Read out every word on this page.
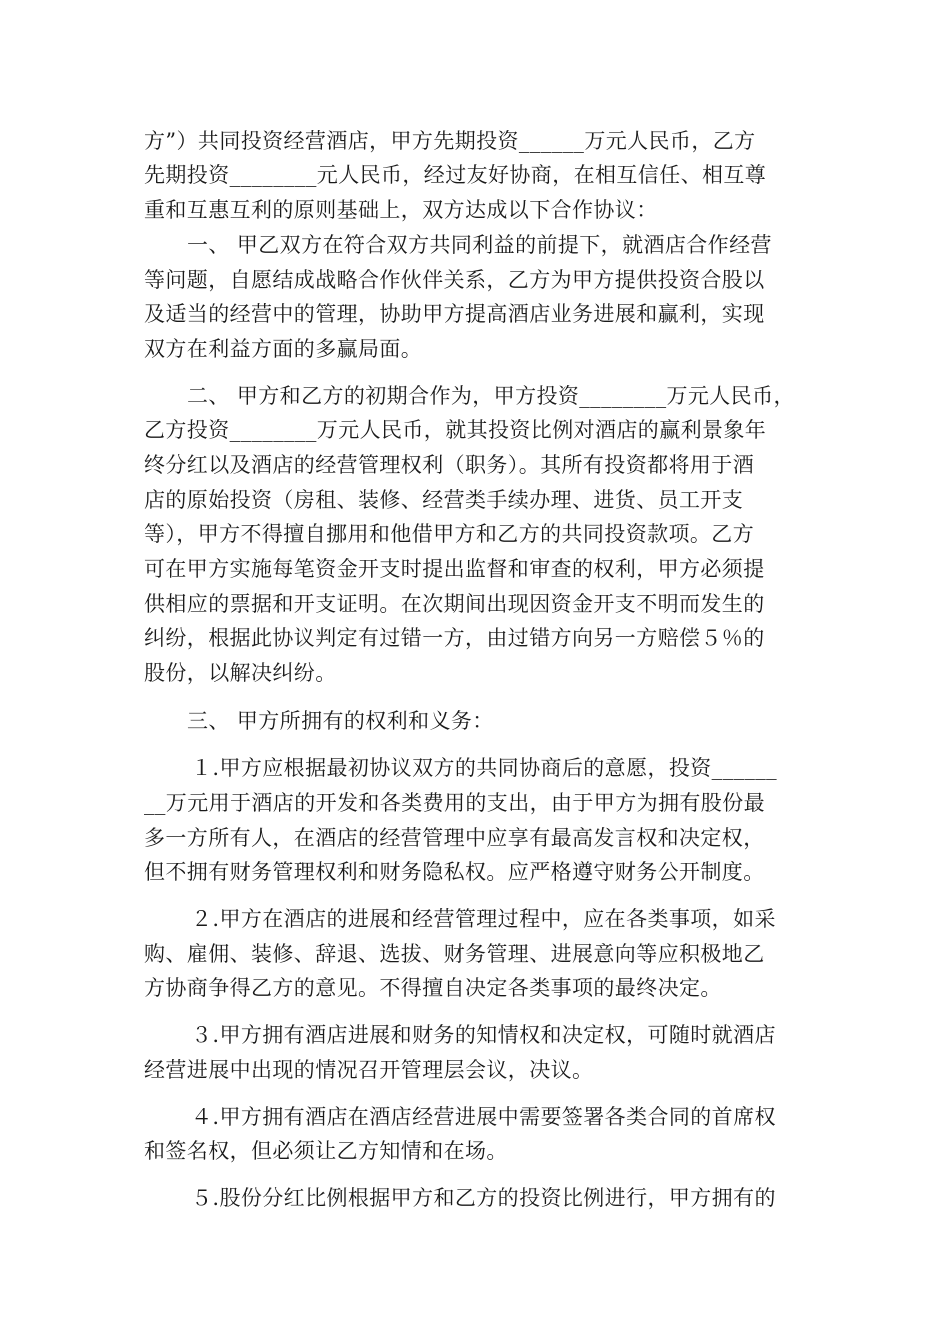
方”）共同投资经营酒店，甲方先期投资______万元人民币，乙方
先期投资________元人民币，经过友好协商，在相互信任、相互尊
重和互惠互利的原则基础上，双方达成以下合作协议：
一、 甲乙双方在符合双方共同利益的前提下，就酒店合作经营
等问题，自愿结成战略合作伙伴关系，乙方为甲方提供投资合股以
及适当的经营中的管理，协助甲方提高酒店业务进展和赢利，实现
双方在利益方面的多赢局面。
二、 甲方和乙方的初期合作为，甲方投资________万元人民币，
乙方投资________万元人民币，就其投资比例对酒店的赢利景象年
终分红以及酒店的经营管理权利（职务）。其所有投资都将用于酒
店的原始投资（房租、装修、经营类手续办理、进货、员工开支
等），甲方不得擅自挪用和他借甲方和乙方的共同投资款项。乙方
可在甲方实施每笔资金开支时提出监督和审查的权利，甲方必须提
供相应的票据和开支证明。在次期间出现因资金开支不明而发生的
纠纷，根据此协议判定有过错一方，由过错方向另一方赔偿５％的
股份，以解决纠纷。
三、 甲方所拥有的权利和义务：
１.甲方应根据最初协议双方的共同协商后的意愿，投资______
__万元用于酒店的开发和各类费用的支出，由于甲方为拥有股份最
多一方所有人，在酒店的经营管理中应享有最高发言权和决定权，
但不拥有财务管理权利和财务隐私权。应严格遵守财务公开制度。
２.甲方在酒店的进展和经营管理过程中，应在各类事项，如采
购、雇佣、装修、辞退、选拔、财务管理、进展意向等应积极地乙
方协商争得乙方的意见。不得擅自决定各类事项的最终决定。
３.甲方拥有酒店进展和财务的知情权和决定权，可随时就酒店
经营进展中出现的情况召开管理层会议，决议。
４.甲方拥有酒店在酒店经营进展中需要签署各类合同的首席权
和签名权，但必须让乙方知情和在场。
５.股份分红比例根据甲方和乙方的投资比例进行，甲方拥有的
